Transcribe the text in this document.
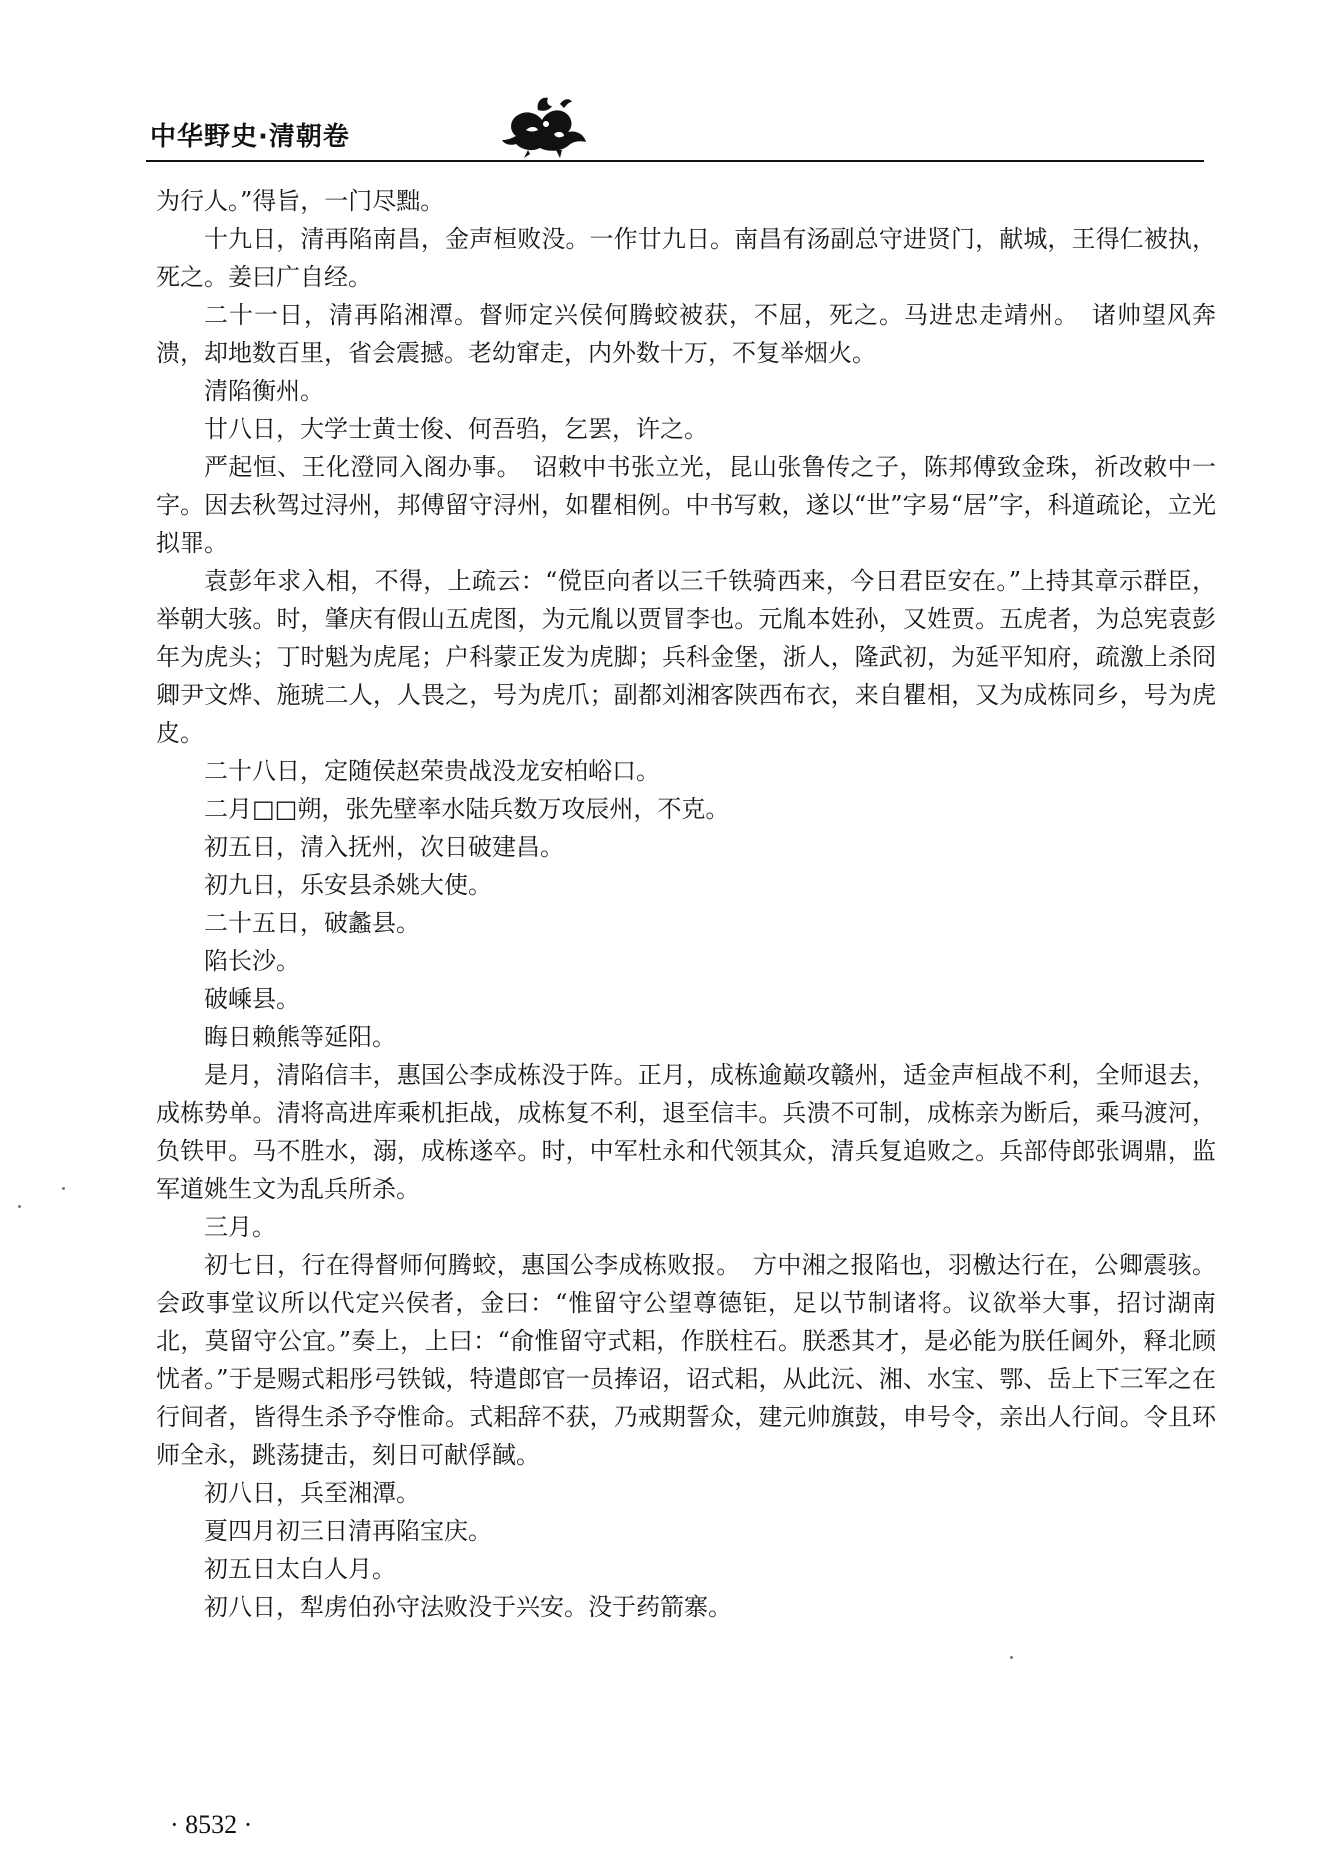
中华野史·清朝卷

为行人。”得旨，一门尽黜。

十九日，清再陷南昌，金声桓败没。一作廿九日。南昌有汤副总守进贤门，献城，王得仁被执，死之。姜曰广自经。

二十一日，清再陷湘潭。督师定兴侯何腾蛟被获，不屈，死之。马进忠走靖州。　诸帅望风奔溃，却地数百里，省会震撼。老幼窜走，内外数十万，不复举烟火。

清陷衡州。

廿八日，大学士黄士俊、何吾驺，乞罢，许之。

严起恒、王化澄同入阁办事。　诏敕中书张立光，昆山张鲁传之子，陈邦傅致金珠，祈改敕中一字。因去秋驾过浔州，邦傅留守浔州，如瞿相例。中书写敕，遂以“世”字易“居”字，科道疏论，立光拟罪。

袁彭年求入相，不得，上疏云：“傥臣向者以三千铁骑西来，今日君臣安在。”上持其章示群臣，举朝大骇。时，肇庆有假山五虎图，为元胤以贾冒李也。元胤本姓孙，又姓贾。五虎者，为总宪袁彭年为虎头；丁时魁为虎尾；户科蒙正发为虎脚；兵科金堡，浙人，隆武初，为延平知府，疏激上杀冏卿尹文烨、施琥二人，人畏之，号为虎爪；副都刘湘客陕西布衣，来自瞿相，又为成栋同乡，号为虎皮。

二十八日，定随侯赵荣贵战没龙安柏峪口。

二月□□朔，张先壁率水陆兵数万攻辰州，不克。

初五日，清入抚州，次日破建昌。

初九日，乐安县杀姚大使。

二十五日，破蠡县。

陷长沙。

破嵊县。

晦日赖熊等延阳。

是月，清陷信丰，惠国公李成栋没于阵。正月，成栋逾巅攻赣州，适金声桓战不利，全师退去，成栋势单。清将高进库乘机拒战，成栋复不利，退至信丰。兵溃不可制，成栋亲为断后，乘马渡河，负铁甲。马不胜水，溺，成栋遂卒。时，中军杜永和代领其众，清兵复追败之。兵部侍郎张调鼎，监军道姚生文为乱兵所杀。

三月。

初七日，行在得督师何腾蛟，惠国公李成栋败报。　方中湘之报陷也，羽檄达行在，公卿震骇。会政事堂议所以代定兴侯者，金曰：“惟留守公望尊德钜，足以节制诸将。议欲举大事，招讨湖南北，莫留守公宜。”奏上，上曰：“俞惟留守式耜，作朕柱石。朕悉其才，是必能为朕任阃外，释北顾忧者。”于是赐式耜彤弓铁钺，特遣郎官一员捧诏，诏式耜，从此沅、湘、水宝、鄂、岳上下三军之在行间者，皆得生杀予夺惟命。式耜辞不获，乃戒期誓众，建元帅旗鼓，申号令，亲出人行间。令且环师全永，跳荡捷击，刻日可献俘馘。

初八日，兵至湘潭。

夏四月初三日清再陷宝庆。

初五日太白人月。

初八日，犁虏伯孙守法败没于兴安。没于药箭寨。

· 8532 ·
